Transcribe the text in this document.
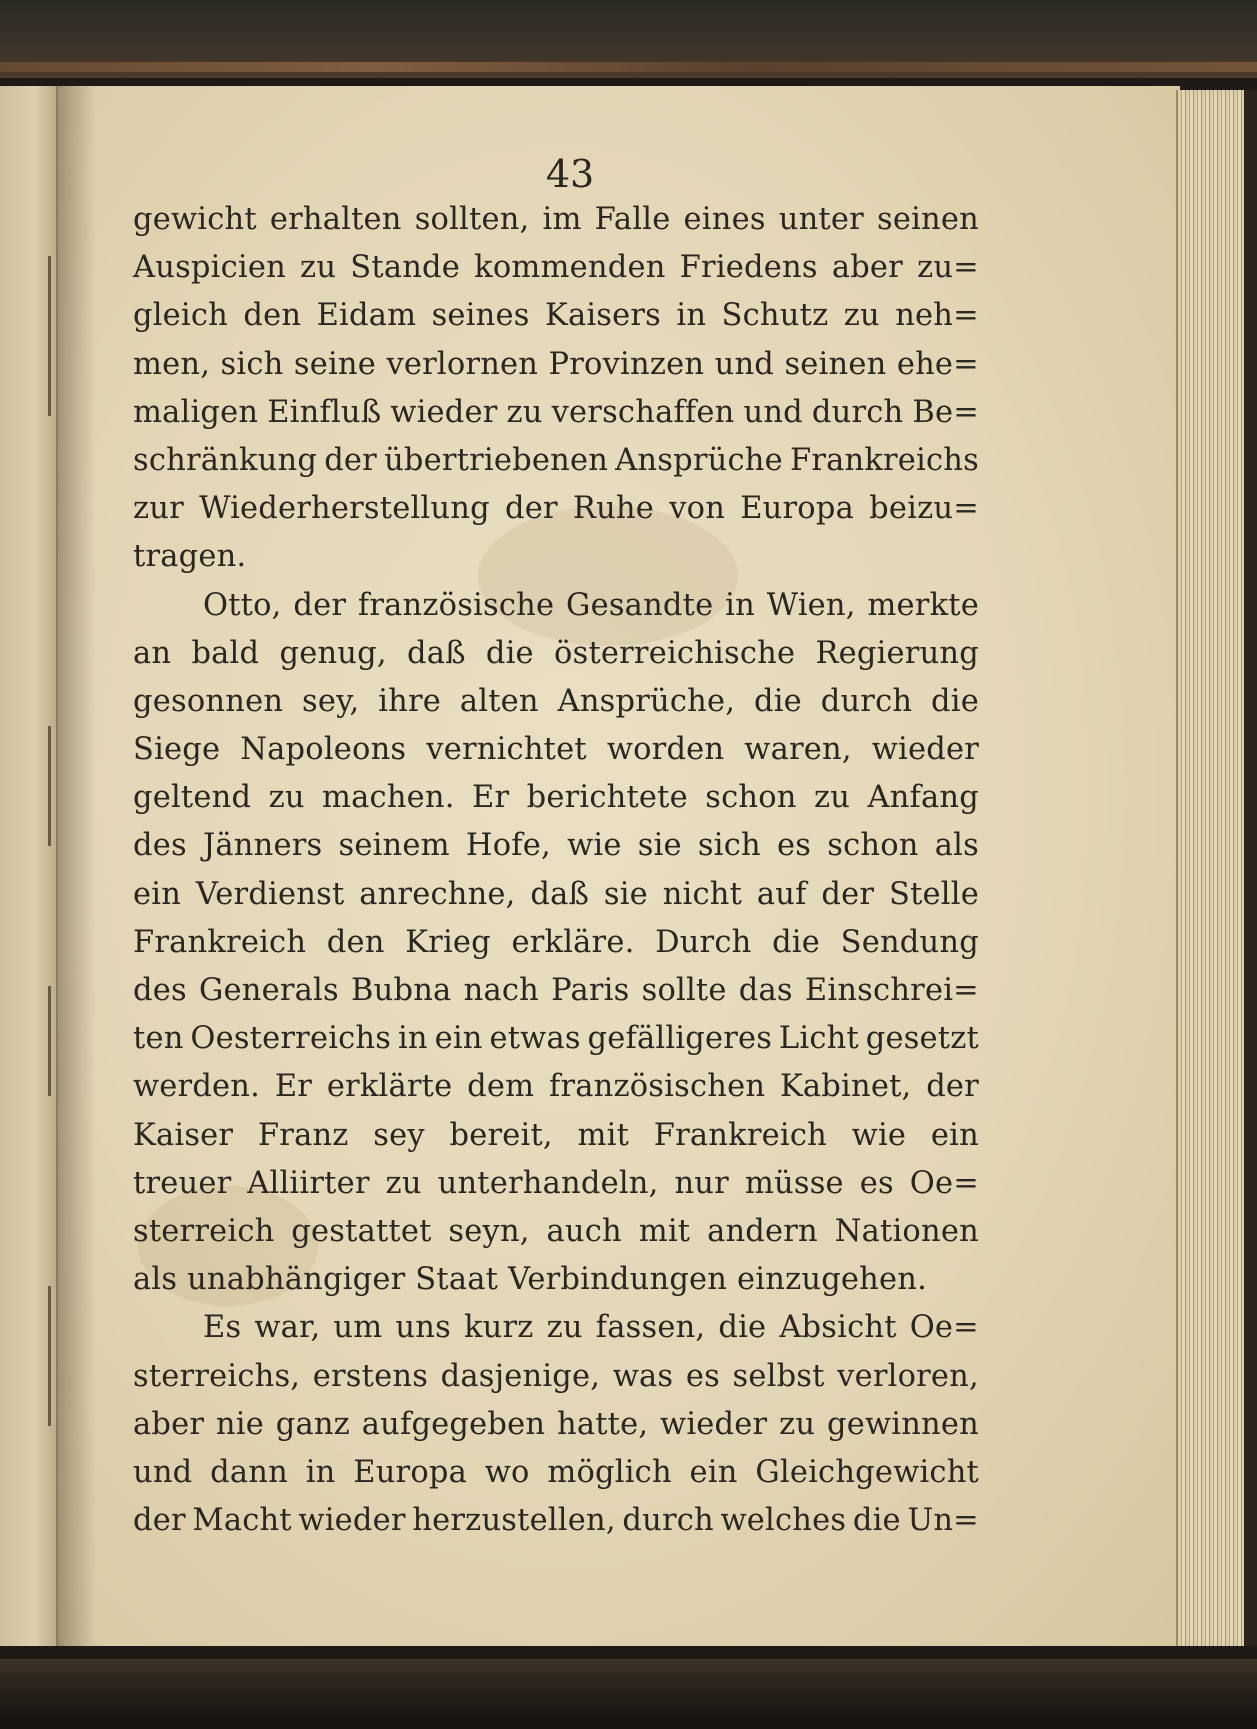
43
gewicht erhalten sollten, im Falle eines unter seinen
Auspicien zu Stande kommenden Friedens aber zu=
gleich den Eidam seines Kaisers in Schutz zu neh=
men, sich seine verlornen Provinzen und seinen ehe=
maligen Einfluß wieder zu verschaffen und durch Be=
schränkung der übertriebenen Ansprüche Frankreichs
zur Wiederherstellung der Ruhe von Europa beizu=
tragen.
Otto, der französische Gesandte in Wien, merkte
an bald genug, daß die österreichische Regierung
gesonnen sey, ihre alten Ansprüche, die durch die
Siege Napoleons vernichtet worden waren, wieder
geltend zu machen. Er berichtete schon zu Anfang
des Jänners seinem Hofe, wie sie sich es schon als
ein Verdienst anrechne, daß sie nicht auf der Stelle
Frankreich den Krieg erkläre. Durch die Sendung
des Generals Bubna nach Paris sollte das Einschrei=
ten Oesterreichs in ein etwas gefälligeres Licht gesetzt
werden. Er erklärte dem französischen Kabinet, der
Kaiser Franz sey bereit, mit Frankreich wie ein
treuer Alliirter zu unterhandeln, nur müsse es Oe=
sterreich gestattet seyn, auch mit andern Nationen
als unabhängiger Staat Verbindungen einzugehen.
Es war, um uns kurz zu fassen, die Absicht Oe=
sterreichs, erstens dasjenige, was es selbst verloren,
aber nie ganz aufgegeben hatte, wieder zu gewinnen
und dann in Europa wo möglich ein Gleichgewicht
der Macht wieder herzustellen, durch welches die Un=
